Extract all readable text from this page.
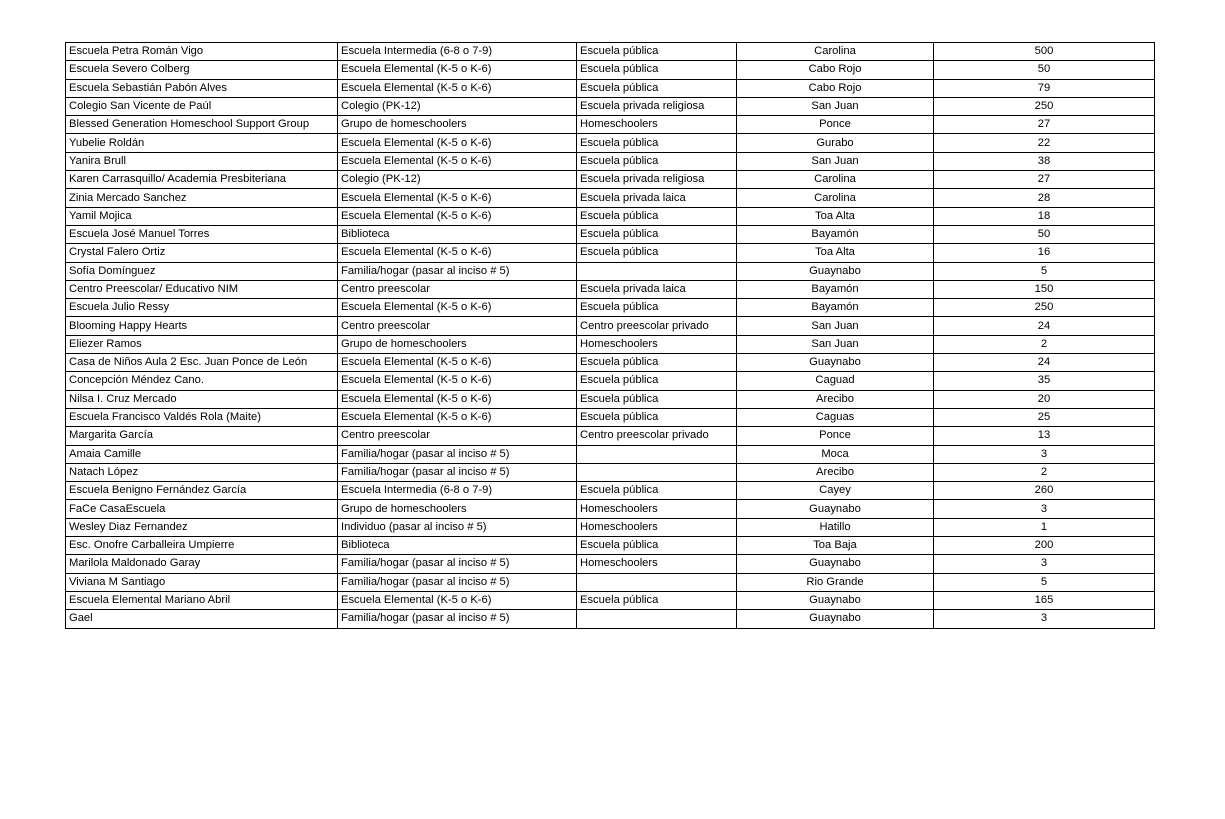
Escuela Petra Román Vigo	Escuela Intermedia (6-8 o 7-9)	Escuela pública	Carolina	500
Escuela Severo Colberg	Escuela Elemental (K-5 o K-6)	Escuela pública	Cabo Rojo	50
Escuela Sebastián Pabón Alves	Escuela Elemental (K-5 o K-6)	Escuela pública	Cabo Rojo	79
Colegio San Vicente de Paúl	Colegio (PK-12)	Escuela privada religiosa	San Juan	250
Blessed Generation Homeschool Support Group	Grupo de homeschoolers	Homeschoolers	Ponce	27
Yubelie Roldán	Escuela Elemental (K-5 o K-6)	Escuela pública	Gurabo	22
Yanira Brull	Escuela Elemental (K-5 o K-6)	Escuela pública	San Juan	38
Karen Carrasquillo/ Academia Presbiteriana	Colegio (PK-12)	Escuela privada religiosa	Carolina	27
Zinia Mercado Sanchez	Escuela Elemental (K-5 o K-6)	Escuela privada laica	Carolina	28
Yamil Mojica	Escuela Elemental (K-5 o K-6)	Escuela pública	Toa Alta	18
Escuela José Manuel Torres	Biblioteca	Escuela pública	Bayamón	50
Crystal Falero Ortiz	Escuela Elemental (K-5 o K-6)	Escuela pública	Toa Alta	16
Sofía Domínguez	Familia/hogar (pasar al inciso # 5)		Guaynabo	5
Centro Preescolar/ Educativo NIM	Centro preescolar	Escuela privada laica	Bayamón	150
Escuela Julio Ressy	Escuela Elemental (K-5 o K-6)	Escuela pública	Bayamón	250
Blooming Happy Hearts	Centro preescolar	Centro preescolar privado	San Juan	24
Eliezer Ramos	Grupo de homeschoolers	Homeschoolers	San Juan	2
Casa de Niños Aula 2 Esc. Juan Ponce de León	Escuela Elemental (K-5 o K-6)	Escuela pública	Guaynabo	24
Concepción Méndez Cano.	Escuela Elemental (K-5 o K-6)	Escuela pública	Caguad	35
Nilsa I. Cruz Mercado	Escuela Elemental (K-5 o K-6)	Escuela pública	Arecibo	20
Escuela Francisco Valdés Rola (Maite)	Escuela Elemental (K-5 o K-6)	Escuela pública	Caguas	25
Margarita García	Centro preescolar	Centro preescolar privado	Ponce	13
Amaia Camille	Familia/hogar (pasar al inciso # 5)		Moca	3
Natach López	Familia/hogar (pasar al inciso # 5)		Arecibo	2
Escuela Benigno Fernández García	Escuela Intermedia (6-8 o 7-9)	Escuela pública	Cayey	260
FaCe CasaEscuela	Grupo de homeschoolers	Homeschoolers	Guaynabo	3
Wesley Diaz Fernandez	Individuo (pasar al inciso # 5)	Homeschoolers	Hatillo	1
Esc. Onofre Carballeira Umpierre	Biblioteca	Escuela pública	Toa Baja	200
Marilola Maldonado Garay	Familia/hogar (pasar al inciso # 5)	Homeschoolers	Guaynabo	3
Viviana M Santiago	Familia/hogar (pasar al inciso # 5)		Rio Grande	5
Escuela Elemental Mariano Abril	Escuela Elemental (K-5 o K-6)	Escuela pública	Guaynabo	165
Gael	Familia/hogar (pasar al inciso # 5)		Guaynabo	3
